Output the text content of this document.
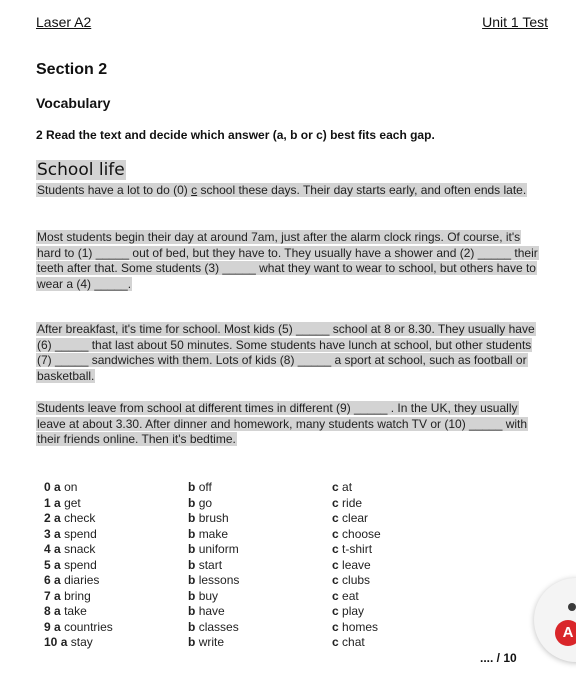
Laser A2	Unit 1 Test
Section 2
Vocabulary
2 Read the text and decide which answer (a, b or c) best fits each gap.
School life
Students have a lot to do (0) c school these days. Their day starts early, and often ends late.
Most students begin their day at around 7am, just after the alarm clock rings. Of course, it's hard to (1) _____ out of bed, but they have to. They usually have a shower and (2) _____ their teeth after that. Some students (3) _____ what they want to wear to school, but others have to wear a (4) _____.
After breakfast, it's time for school. Most kids (5) _____ school at 8 or 8.30. They usually have (6) _____ that last about 50 minutes. Some students have lunch at school, but other students (7) _____ sandwiches with them. Lots of kids (8) _____ a sport at school, such as football or basketball.
Students leave from school at different times in different (9) _____ . In the UK, they usually leave at about 3.30. After dinner and homework, many students watch TV or (10) _____ with their friends online. Then it's bedtime.
0 a on	b off	c at
1 a get	b go	c ride
2 a check	b brush	c clear
3 a spend	b make	c choose
4 a snack	b uniform	c t-shirt
5 a spend	b start	c leave
6 a diaries	b lessons	c clubs
7 a bring	b buy	c eat
8 a take	b have	c play
9 a countries	b classes	c homes
10 a stay	b write	c chat
.... / 10
A
